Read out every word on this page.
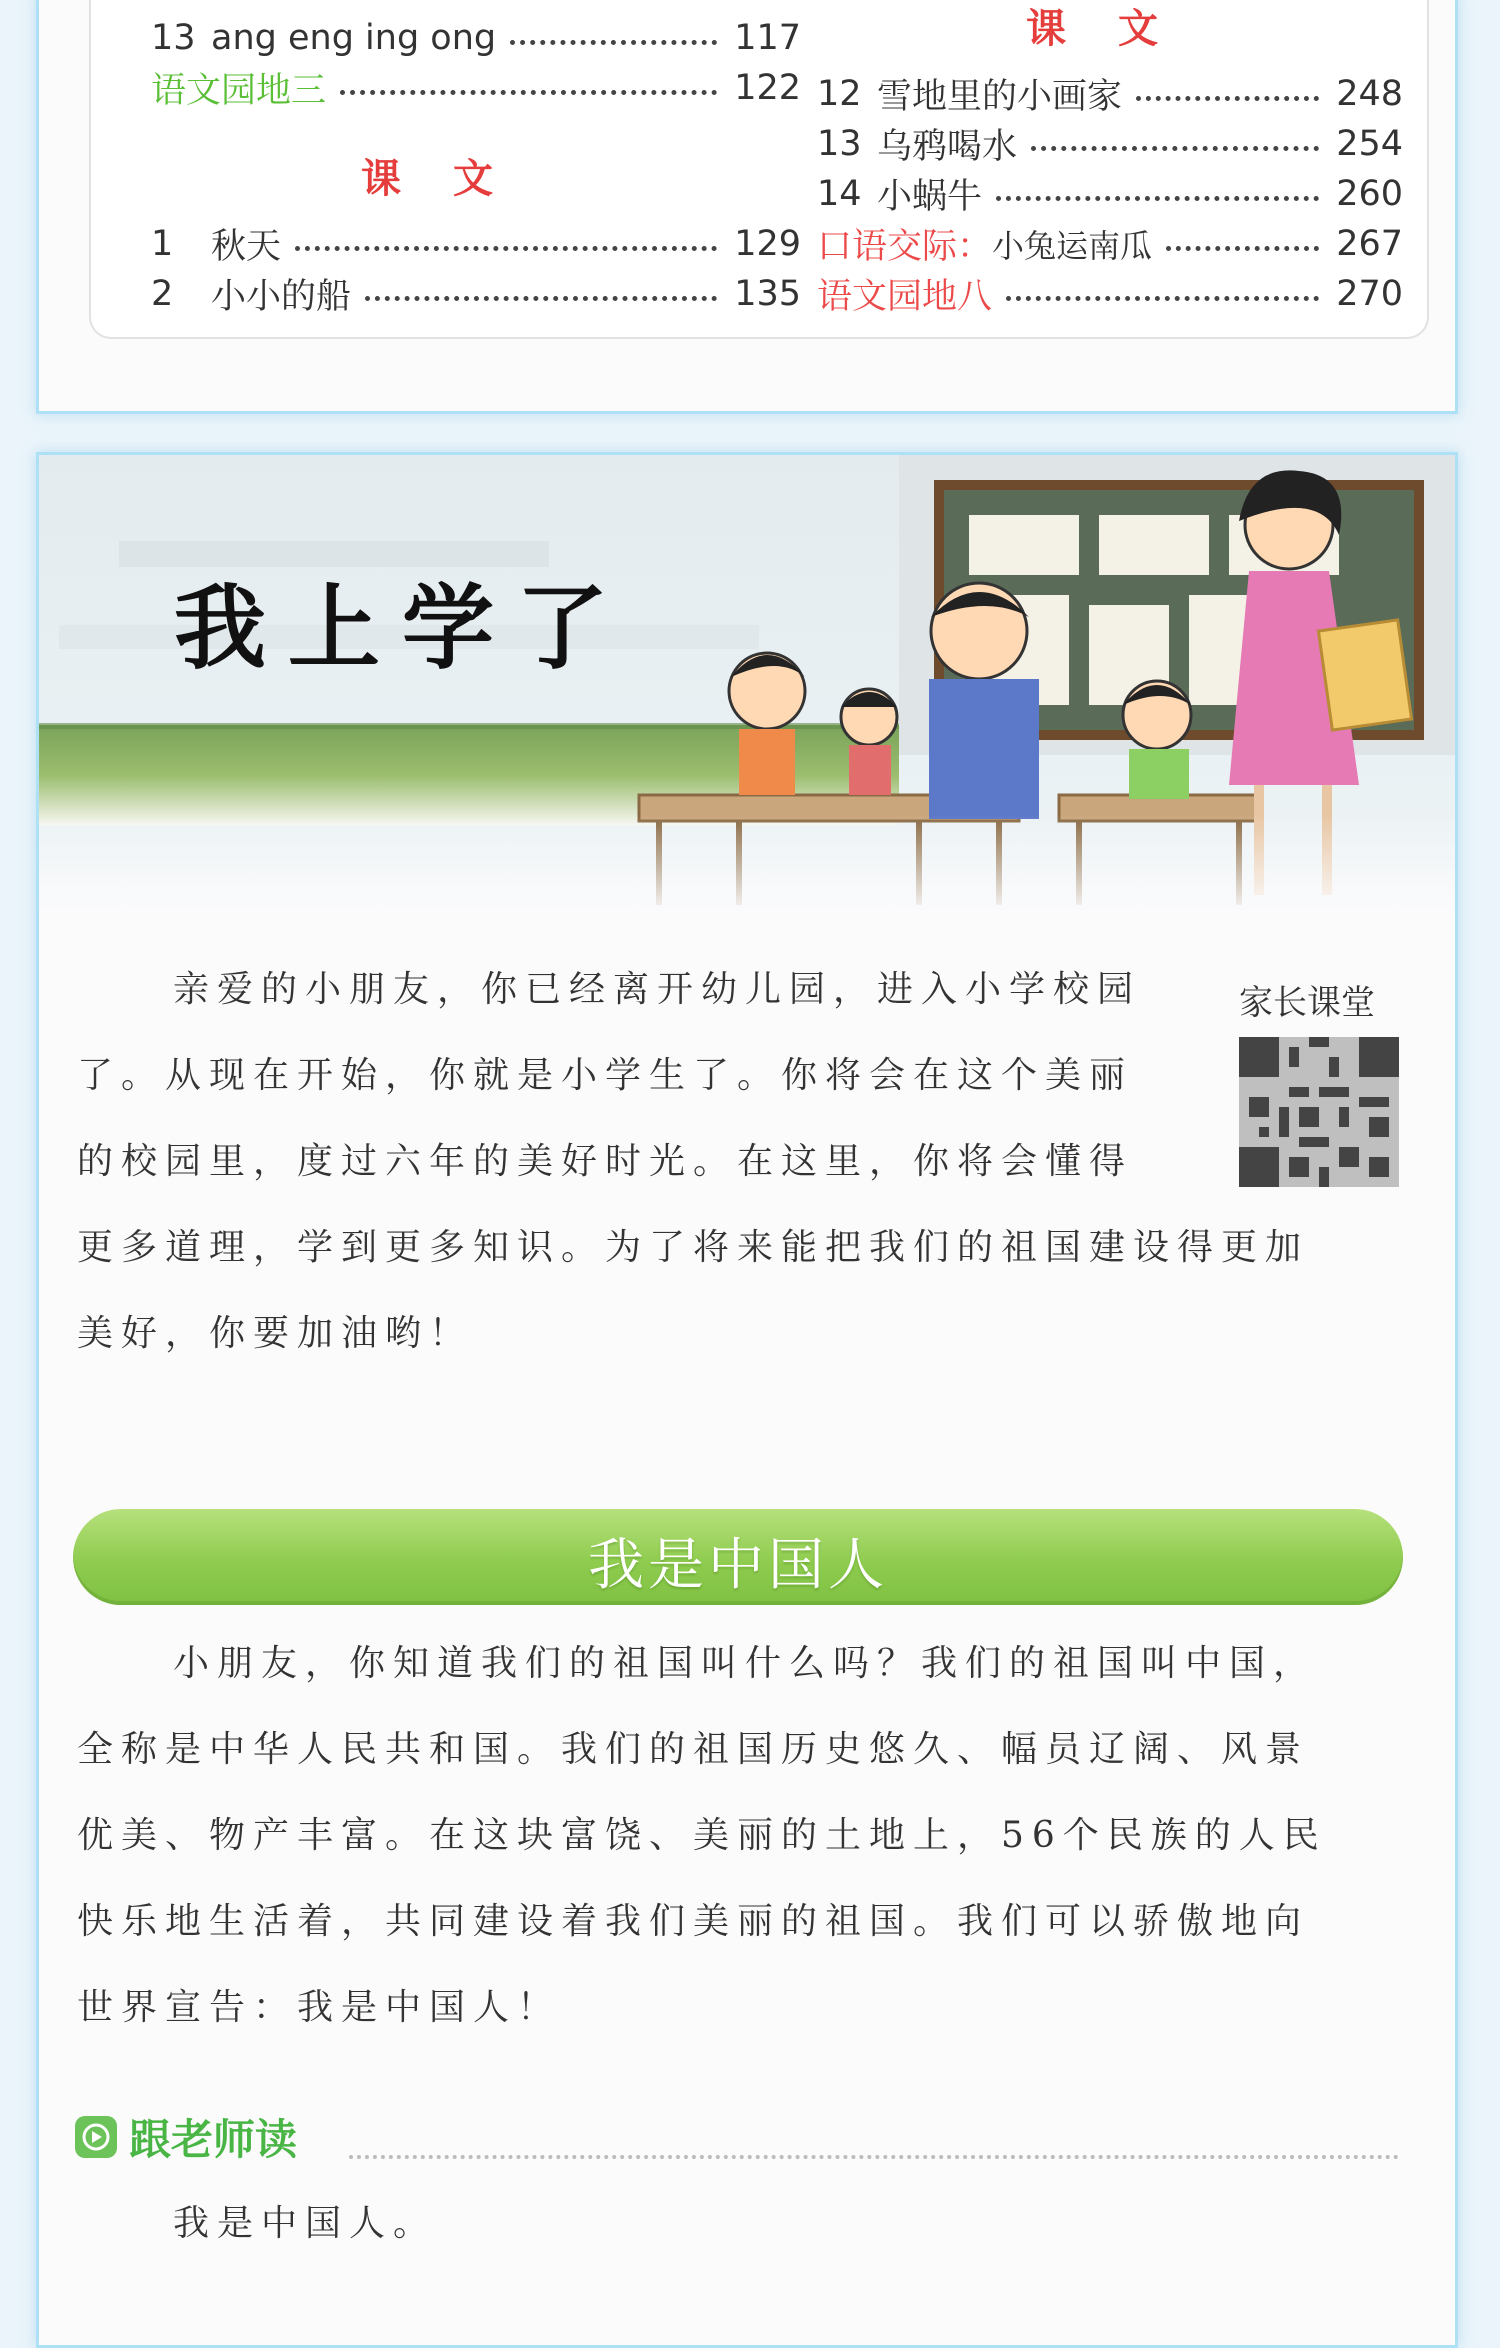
13 ang eng ing ong	117
语文园地三	122
课文
1	秋天	129
2	小小的船	135
课文
12 雪地里的小画家	248
13 乌鸦喝水	254
14 小蜗牛	260
口语交际： 小兔运南瓜	267
语文园地八	270
我上学了
亲爱的小朋友，你已经离开幼儿园，进入小学校园
了。从现在开始，你就是小学生了。你将会在这个美丽
的校园里，度过六年的美好时光。在这里，你将会懂得
更多道理，学到更多知识。为了将来能把我们的祖国建设得更加
美好，你要加油哟！
家长课堂
我是中国人
小朋友，你知道我们的祖国叫什么吗？我们的祖国叫中国，
全称是中华人民共和国。我们的祖国历史悠久、幅员辽阔、风景
优美、物产丰富。在这块富饶、美丽的土地上，56个民族的人民
快乐地生活着，共同建设着我们美丽的祖国。我们可以骄傲地向
世界宣告：我是中国人！
跟老师读
我是中国人。
